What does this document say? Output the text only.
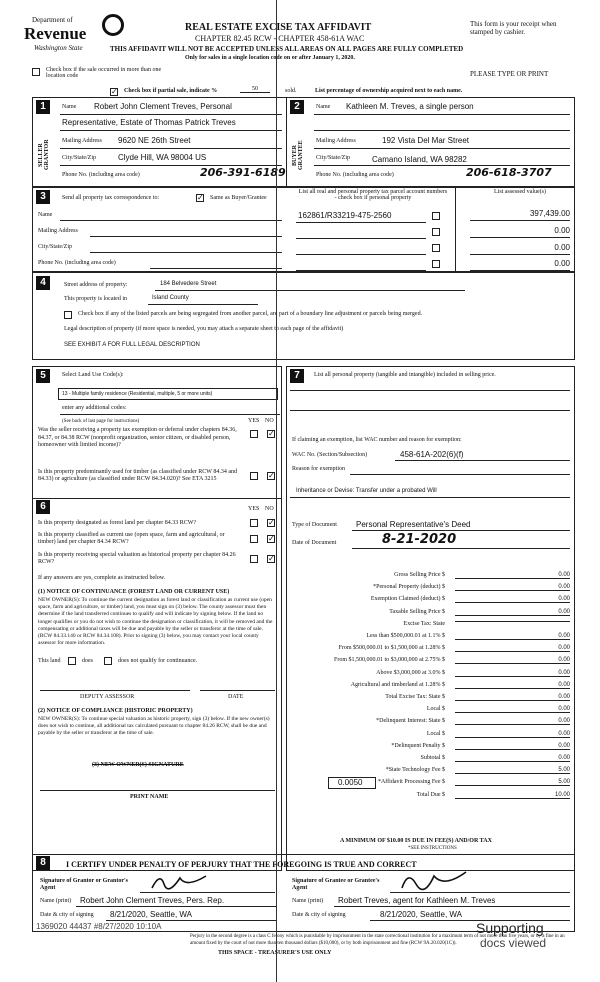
Department of
Revenue
Washington State
REAL ESTATE EXCISE TAX AFFIDAVIT
CHAPTER 82.45 RCW - CHAPTER 458-61A WAC
THIS AFFIDAVIT WILL NOT BE ACCEPTED UNLESS ALL AREAS ON ALL PAGES ARE FULLY COMPLETED
Only for sales in a single location code on or after January 1, 2020.
This form is your receipt when stamped by cashier.
PLEASE TYPE OR PRINT
Check box if the sale occurred in more than one location code
✓ Check box if partial sale, indicate %	50	sold.	List percentage of ownership acquired next to each name.
1
SELLER GRANTOR
Name Robert John Clement Treves, Personal
Representative, Estate of Thomas Patrick Treves
Mailing Address 9620 NE 26th Street
City/State/Zip	Clyde Hill, WA 98004 US
Phone No. (including area code)	206-391-6189
2
BUYER GRANTEE
Name Kathleen M. Treves, a single person
Mailing Address	192 Vista Del Mar Street
City/State/Zip	Camano Island, WA 98282
Phone No. (including area code)	206-618-3707
3	Send all property tax correspondence to:	✓ Same as Buyer/Grantee
Name
Mailing Address
City/State/Zip
Phone No. (including area code)
List all real and personal property tax parcel account numbers - check box if personal property
List assessed value(s)
162861/R33219-475-2560	397,439.00
0.00
0.00
0.00
4	Street address of property:	184 Belvedere Street
This property is located in	Island County
Check box if any of the listed parcels are being segregated from another parcel, are part of a boundary line adjustment or parcels being merged.
Legal description of property (if more space is needed, you may attach a separate sheet to each page of the affidavit)
SEE EXHIBIT A FOR FULL LEGAL DESCRIPTION
5	Select Land Use Code(s):
13 - Multiple family residence (Residential, multiple, 5 or more units)
enter any additional codes:
(See back of last page for instructions)	YES NO
Was the seller receiving a property tax exemption or deferral under chapters 84.36, 84.37, or 84.38 RCW (nonprofit organization, senior citizen, or disabled person, homeowner with limited income)?
✓
Is this property predominantly used for timber (as classified under RCW 84.34 and 84.33) or agriculture (as classified under RCW 84.34.020)? See ETA 3215	✓
6	YES NO
Is this property designated as forest land per chapter 84.33 RCW?	✓
Is this property classified as current use (open space, farm and agricultural, or timber) land per chapter 84.34 RCW?	✓
Is this property receiving special valuation as historical property per chapter 84.26 RCW?	✓
If any answers are yes, complete as instructed below.
(1) NOTICE OF CONTINUANCE (FOREST LAND OR CURRENT USE)
NEW OWNER(S): To continue the current designation as forest land or classification as current use (open space, farm and agriculture, or timber) land, you must sign on (3) below. The county assessor must then determine if the land transferred continues to qualify and will indicate by signing below. If the land no longer qualifies or you do not wish to continue the designation or classification, it will be removed and the compensating or additional taxes will be due and payable by the seller or transferor at the time of sale. (RCW 84.33.140 or RCW 84.34.108). Prior to signing (3) below, you may contact your local county assessor for more information.
This land	does	does not qualify for continuance.
DEPUTY ASSESSOR	DATE
(2) NOTICE OF COMPLIANCE (HISTORIC PROPERTY)
NEW OWNER(S): To continue special valuation as historic property, sign (3) below. If the new owner(s) does not wish to continue, all additional tax calculated pursuant to chapter 84.26 RCW, shall be due and payable by the seller or transferor at the time of sale.
(3) NEW OWNER(S) SIGNATURE
PRINT NAME
7	List all personal property (tangible and intangible) included in selling price.
If claiming an exemption, list WAC number and reason for exemption:
WAC No. (Section/Subsection)	458-61A-202(6)(f)
Reason for exemption
Inheritance or Devise: Transfer under a probated Will
Type of Document Personal Representative's Deed
Date of Document	8-21-2020
Gross Selling Price $	0.00
*Personal Property (deduct) $	0.00
Exemption Claimed (deduct) $	0.00
Taxable Selling Price $	0.00
Excise Tax: State
Less than $500,000.01 at 1.1% $	0.00
From $500,000.01 to $1,500,000 at 1.28% $	0.00
From $1,500,000.01 to $3,000,000 at 2.75% $	0.00
Above $3,000,000 at 3.0% $	0.00
Agricultural and timberland at 1.28% $	0.00
Total Excise Tax: State $	0.00
Local $	0.00
*Delinquent Interest: State $	0.00
Local $	0.00
*Delinquent Penalty $	0.00
Subtotal $	0.00
*State Technology Fee $	5.00
*Affidavit Processing Fee $	5.00
Total Due $	10.00
0.0050
A MINIMUM OF $10.00 IS DUE IN FEE(S) AND/OR TAX
*SEE INSTRUCTIONS
8	I CERTIFY UNDER PENALTY OF PERJURY THAT THE FOREGOING IS TRUE AND CORRECT
Signature of Grantor or Grantor's Agent
Signature of Grantee or Grantee's Agent
Name (print) Robert John Clement Treves, Pers. Rep.	Name (print) Robert Treves, agent for Kathleen M. Treves
Date & city of signing 8/21/2020, Seattle, WA	Date & city of signing	8/21/2020, Seattle, WA
1369020 44437 #8/27/2020 10:10A
Perjury in the second degree is a class C felony which is punishable by imprisonment in the state correctional institution for a maximum term of not more than five years, or by a fine in an amount fixed by the court of not more than ten thousand dollars ($10,000), or by both imprisonment and fine (RCW 9A.20.020(1C)).
THIS SPACE - TREASURER'S USE ONLY
Supporting
docs viewed
